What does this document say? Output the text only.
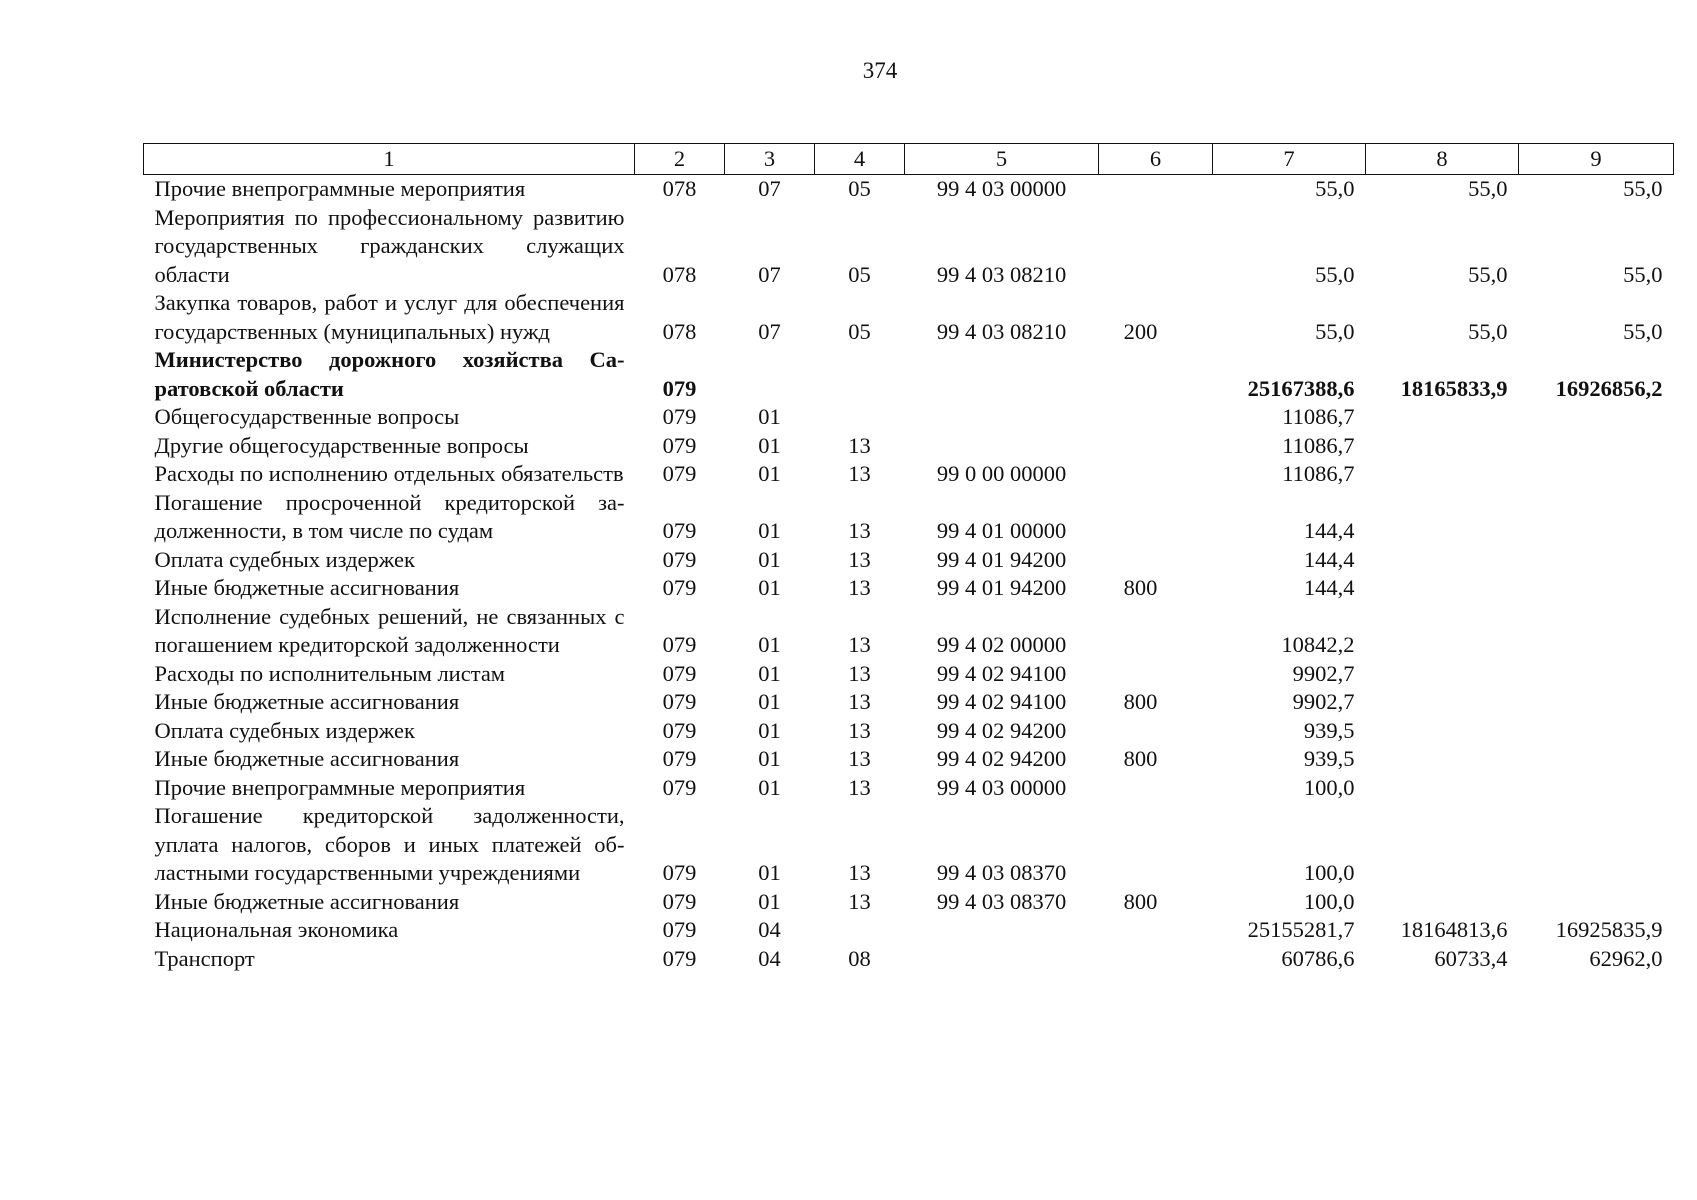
374
1	2	3	4	5	6	7	8	9
Прочие внепрограммные мероприятия	078	07	05	99 4 03 00000		55,0	55,0	55,0
Мероприятия по профессиональному развитию государственных гражданских служащих области	078	07	05	99 4 03 08210		55,0	55,0	55,0
Закупка товаров, работ и услуг для обеспечения государственных (муниципальных) нужд	078	07	05	99 4 03 08210	200	55,0	55,0	55,0
Министерство дорожного хозяйства Саратовской области	079					25167388,6	18165833,9	16926856,2
Общегосударственные вопросы	079	01				11086,7		
Другие общегосударственные вопросы	079	01	13			11086,7		
Расходы по исполнению отдельных обязательств	079	01	13	99 0 00 00000		11086,7		
Погашение просроченной кредиторской задолженности, в том числе по судам	079	01	13	99 4 01 00000		144,4		
Оплата судебных издержек	079	01	13	99 4 01 94200		144,4		
Иные бюджетные ассигнования	079	01	13	99 4 01 94200	800	144,4		
Исполнение судебных решений, не связанных с погашением кредиторской задолженности	079	01	13	99 4 02 00000		10842,2		
Расходы по исполнительным листам	079	01	13	99 4 02 94100		9902,7		
Иные бюджетные ассигнования	079	01	13	99 4 02 94100	800	9902,7		
Оплата судебных издержек	079	01	13	99 4 02 94200		939,5		
Иные бюджетные ассигнования	079	01	13	99 4 02 94200	800	939,5		
Прочие внепрограммные мероприятия	079	01	13	99 4 03 00000		100,0		
Погашение кредиторской задолженности, уплата налогов, сборов и иных платежей областными государственными учреждениями	079	01	13	99 4 03 08370		100,0		
Иные бюджетные ассигнования	079	01	13	99 4 03 08370	800	100,0		
Национальная экономика	079	04				25155281,7	18164813,6	16925835,9
Транспорт	079	04	08			60786,6	60733,4	62962,0
